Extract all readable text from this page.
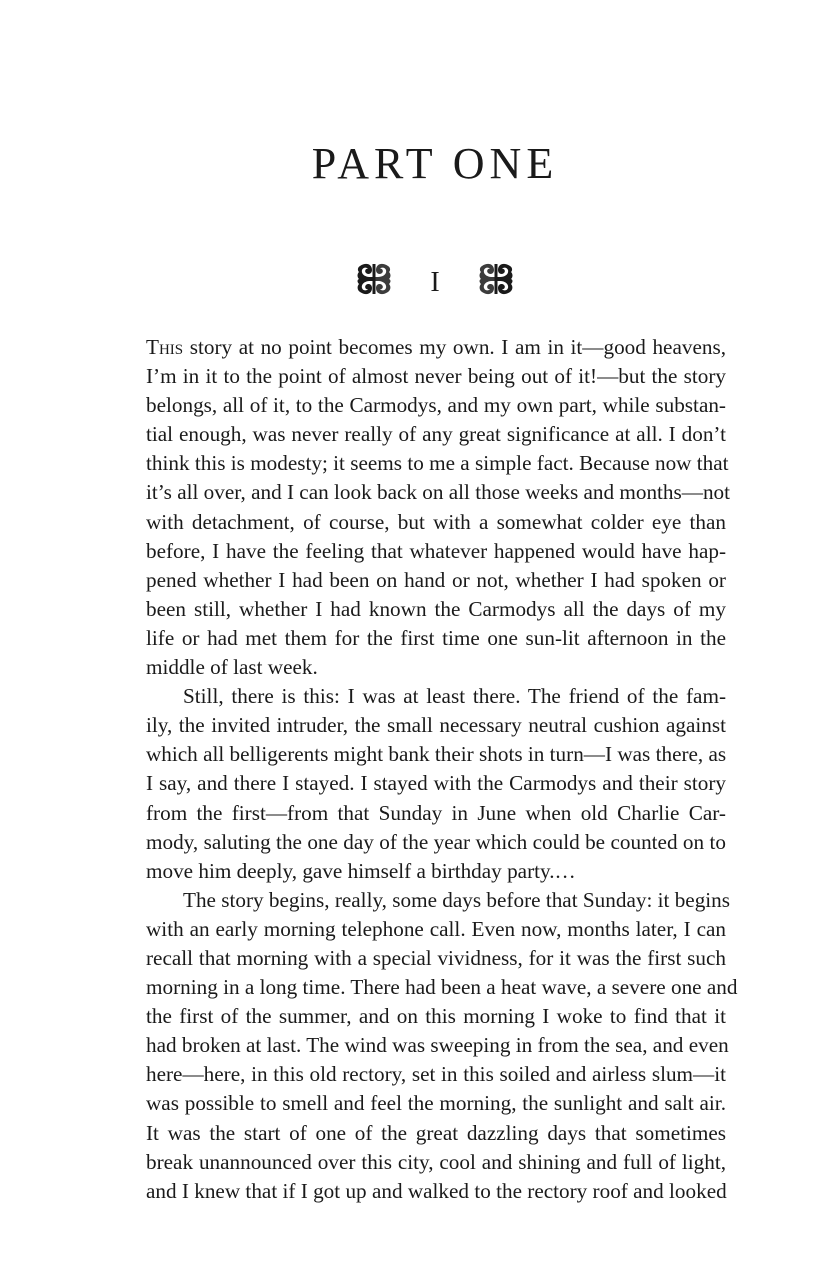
PART ONE
I
This story at no point becomes my own. I am in it—good heavens,
I’m in it to the point of almost never being out of it!—but the story
belongs, all of it, to the Carmodys, and my own part, while substan-
tial enough, was never really of any great significance at all. I don’t
think this is modesty; it seems to me a simple fact. Because now that
it’s all over, and I can look back on all those weeks and months—not
with detachment, of course, but with a somewhat colder eye than
before, I have the feeling that whatever happened would have hap-
pened whether I had been on hand or not, whether I had spoken or
been still, whether I had known the Carmodys all the days of my
life or had met them for the first time one sun-lit afternoon in the
middle of last week.
Still, there is this: I was at least there. The friend of the fam-
ily, the invited intruder, the small necessary neutral cushion against
which all belligerents might bank their shots in turn—I was there, as
I say, and there I stayed. I stayed with the Carmodys and their story
from the first—from that Sunday in June when old Charlie Car-
mody, saluting the one day of the year which could be counted on to
move him deeply, gave himself a birthday party.…
The story begins, really, some days before that Sunday: it begins
with an early morning telephone call. Even now, months later, I can
recall that morning with a special vividness, for it was the first such
morning in a long time. There had been a heat wave, a severe one and
the first of the summer, and on this morning I woke to find that it
had broken at last. The wind was sweeping in from the sea, and even
here—here, in this old rectory, set in this soiled and airless slum—it
was possible to smell and feel the morning, the sunlight and salt air.
It was the start of one of the great dazzling days that sometimes
break unannounced over this city, cool and shining and full of light,
and I knew that if I got up and walked to the rectory roof and looked
